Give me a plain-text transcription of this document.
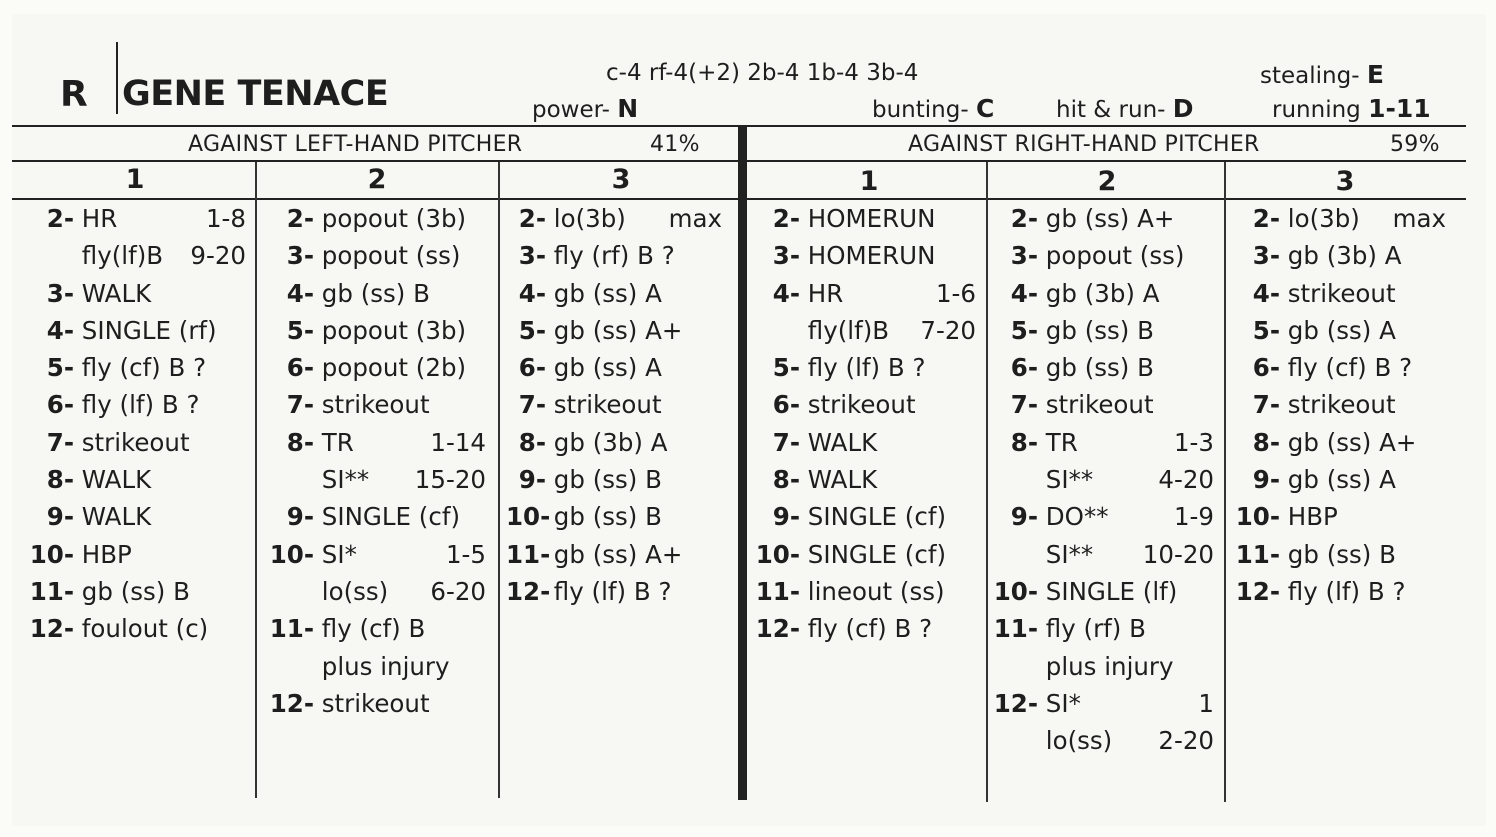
R GENE TENACE
c-4 rf-4(+2) 2b-4 1b-4 3b-4
power- N	bunting- C	hit & run- D
stealing- E
running 1-11
AGAINST LEFT-HAND PITCHER	41%	AGAINST RIGHT-HAND PITCHER	59%
1	2	3	1	2	3
2- HR	1-8
fly(lf)B 9-20
3- WALK
4- SINGLE (rf)
5- fly (cf) B ?
6- fly (lf) B ?
7- strikeout
8- WALK
9- WALK
10- HBP
11- gb (ss) B
12- foulout (c)
2- popout (3b)
3- popout (ss)
4- gb (ss) B
5- popout (3b)
6- popout (2b)
7- strikeout
8- TR	1-14
SI** 15-20
9- SINGLE (cf)
10- SI*	1-5
lo(ss) 6-20
11- fly (cf) B
plus injury
12- strikeout
2- lo(3b) max
3- fly (rf) B ?
4- gb (ss) A
5- gb (ss) A+
6- gb (ss) A
7- strikeout
8- gb (3b) A
9- gb (ss) B
10- gb (ss) B
11- gb (ss) A+
12- fly (lf) B ?
2- HOMERUN
3- HOMERUN
4- HR	1-6
fly(lf)B 7-20
5- fly (lf) B ?
6- strikeout
7- WALK
8- WALK
9- SINGLE (cf)
10- SINGLE (cf)
11- lineout (ss)
12- fly (cf) B ?
2- gb (ss) A+
3- popout (ss)
4- gb (3b) A
5- gb (ss) B
6- gb (ss) B
7- strikeout
8- TR	1-3
SI**	4-20
9- DO**	1-9
SI** 10-20
10- SINGLE (lf)
11- fly (rf) B
plus injury
12- SI*	1
lo(ss) 2-20
2- lo(3b) max
3- gb (3b) A
4- strikeout
5- gb (ss) A
6- fly (cf) B ?
7- strikeout
8- gb (ss) A+
9- gb (ss) A
10- HBP
11- gb (ss) B
12- fly (lf) B ?
